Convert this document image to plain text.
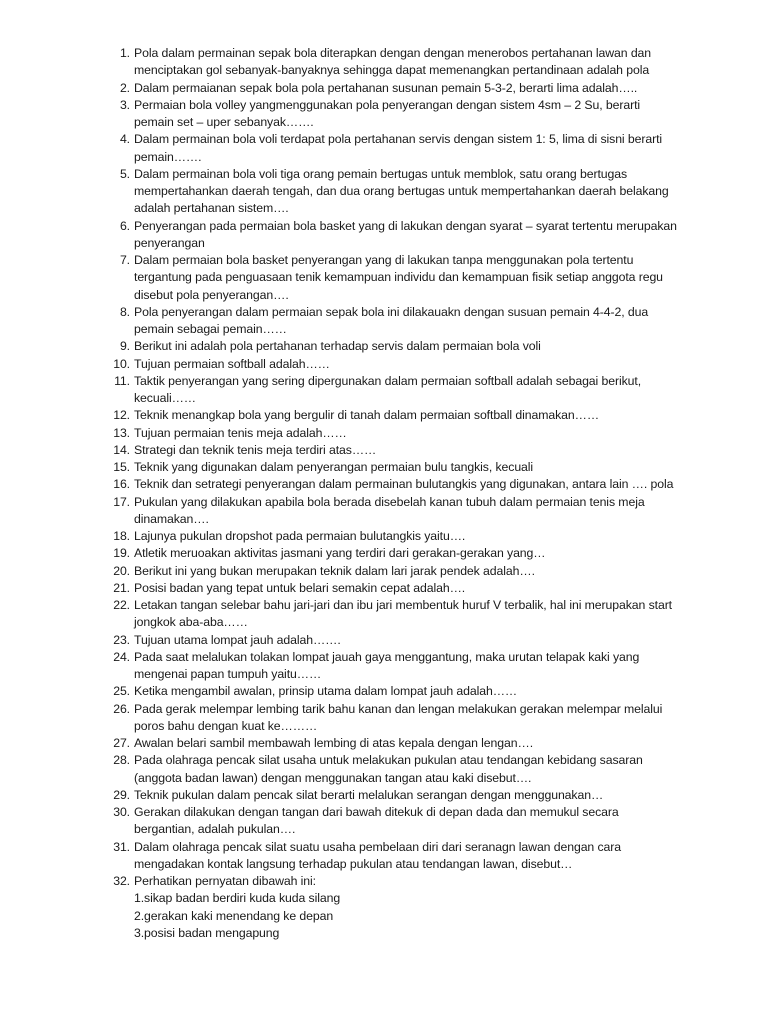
1. Pola dalam permainan sepak bola diterapkan dengan dengan menerobos pertahanan lawan dan menciptakan gol sebanyak-banyaknya sehingga dapat memenangkan pertandinaan adalah pola
2. Dalam permaianan sepak bola pola pertahanan susunan pemain 5-3-2, berarti lima adalah…..
3. Permaian bola volley yangmenggunakan pola penyerangan dengan sistem 4sm – 2 Su, berarti pemain set – uper sebanyak…….
4. Dalam permainan bola voli terdapat pola pertahanan servis dengan sistem 1: 5, lima di sisni berarti pemain…….
5. Dalam permainan bola voli tiga orang pemain bertugas untuk memblok, satu orang bertugas mempertahankan daerah tengah, dan dua orang bertugas untuk mempertahankan daerah belakang adalah pertahanan sistem….
6. Penyerangan pada permaian bola basket yang di lakukan dengan syarat – syarat tertentu merupakan penyerangan
7. Dalam permaian bola basket penyerangan yang di lakukan tanpa menggunakan pola tertentu tergantung pada penguasaan tenik kemampuan individu dan kemampuan fisik setiap anggota regu disebut pola penyerangan….
8. Pola penyerangan dalam permaian sepak bola ini dilakauakn dengan susuan pemain 4-4-2, dua pemain sebagai pemain……
9. Berikut ini adalah pola pertahanan terhadap servis dalam permaian bola voli
10. Tujuan permaian softball adalah……
11. Taktik penyerangan yang sering dipergunakan dalam permaian softball adalah sebagai berikut, kecuali……
12. Teknik menangkap bola yang bergulir di tanah dalam permaian softball dinamakan……
13. Tujuan permaian tenis meja adalah……
14. Strategi dan teknik tenis meja terdiri atas……
15. Teknik yang digunakan dalam penyerangan permaian bulu tangkis, kecuali
16. Teknik dan setrategi penyerangan dalam permainan bulutangkis yang digunakan, antara lain …. pola
17. Pukulan yang dilakukan apabila bola berada disebelah kanan tubuh dalam permaian tenis meja dinamakan….
18. Lajunya pukulan dropshot pada permaian bulutangkis yaitu….
19. Atletik meruoakan aktivitas jasmani yang terdiri dari gerakan-gerakan yang…
20. Berikut ini yang bukan merupakan teknik dalam lari jarak pendek adalah….
21. Posisi badan yang tepat untuk belari semakin cepat adalah….
22. Letakan tangan selebar bahu jari-jari dan ibu jari membentuk huruf V terbalik, hal ini merupakan start jongkok aba-aba……
23. Tujuan utama lompat jauh adalah…….
24. Pada saat melalukan tolakan lompat jauah gaya menggantung, maka urutan telapak kaki yang mengenai papan tumpuh yaitu……
25. Ketika mengambil awalan, prinsip utama dalam lompat jauh adalah……
26. Pada gerak melempar lembing tarik bahu kanan dan lengan melakukan gerakan melempar melalui poros bahu dengan kuat ke………
27. Awalan belari sambil membawah lembing di atas kepala dengan lengan….
28. Pada olahraga pencak silat usaha untuk melakukan pukulan atau tendangan kebidang sasaran (anggota badan lawan) dengan menggunakan tangan atau kaki disebut….
29. Teknik pukulan dalam pencak silat berarti melalukan serangan dengan menggunakan…
30. Gerakan dilakukan dengan tangan dari bawah ditekuk di depan dada dan memukul secara bergantian, adalah pukulan….
31. Dalam olahraga pencak silat suatu usaha pembelaan diri dari seranagn lawan dengan cara mengadakan kontak langsung terhadap pukulan atau tendangan lawan, disebut…
32. Perhatikan pernyatan dibawah ini:
1.sikap badan berdiri kuda kuda silang
2.gerakan kaki menendang ke depan
3.posisi badan mengapung
